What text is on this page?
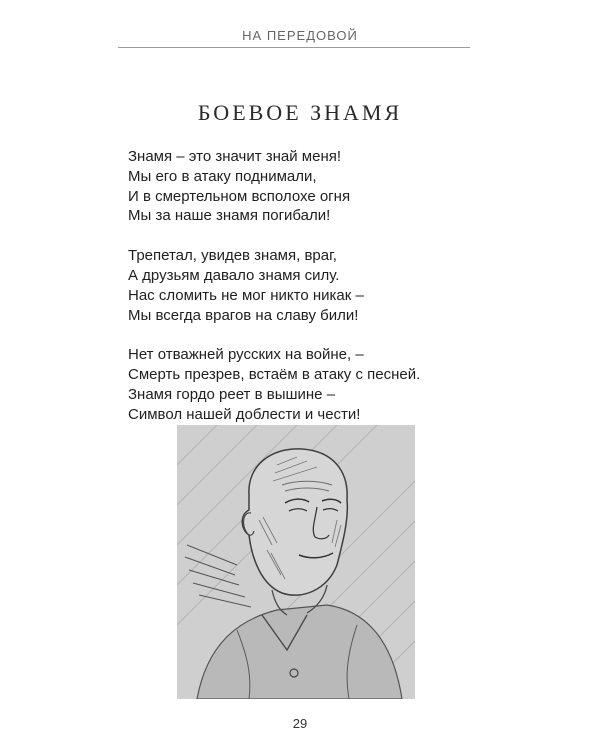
НА ПЕРЕДОВОЙ
БОЕВОЕ ЗНАМЯ
Знамя – это значит знай меня!
Мы его в атаку поднимали,
И в смертельном всполохе огня
Мы за наше знамя погибали!
Трепетал, увидев знамя, враг,
А друзьям давало знамя силу.
Нас сломить не мог никто никак –
Мы всегда врагов на славу били!
Нет отважней русских на войне, –
Смерть презрев, встаём в атаку с песней.
Знамя гордо реет в вышине –
Символ нашей доблести и чести!
29
